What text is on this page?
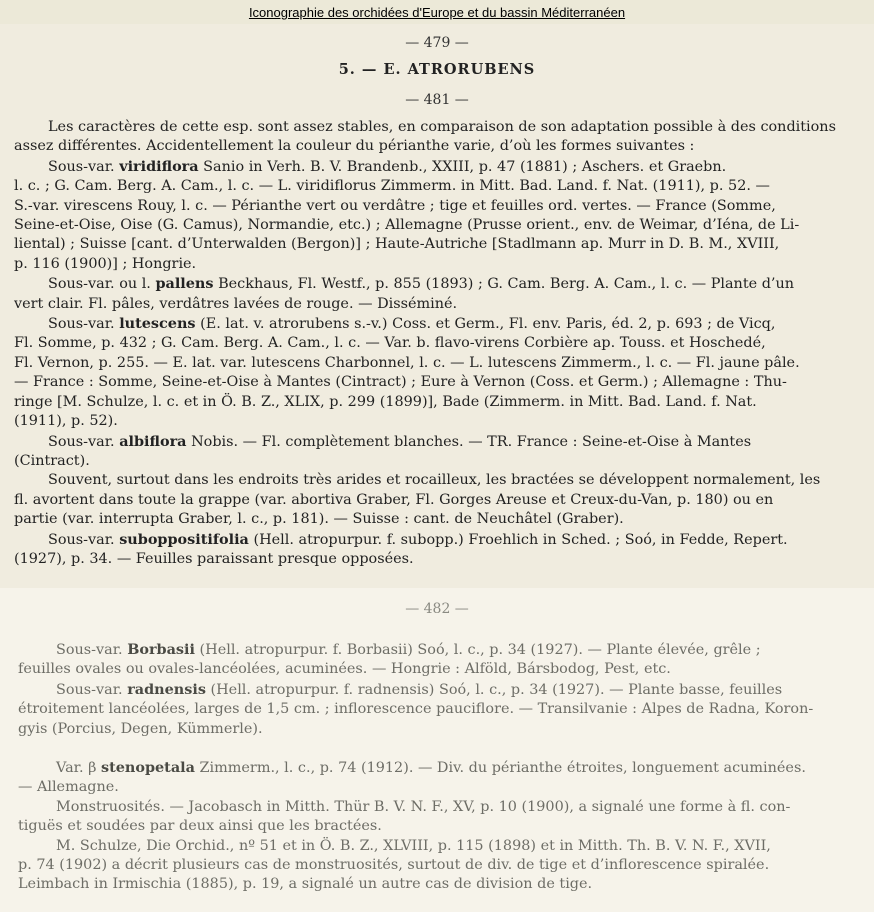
Iconographie des orchidées d'Europe et du bassin Méditerranéen
— 479 —
5. — E. ATRORUBENS
— 481 —
Les caractères de cette esp. sont assez stables, en comparaison de son adaptation possible à des conditions
assez différentes. Accidentellement la couleur du périanthe varie, d’où les formes suivantes :
Sous-var. viridiflora Sanio in Verh. B. V. Brandenb., XXIII, p. 47 (1881) ; Aschers. et Graebn.
l. c. ; G. Cam. Berg. A. Cam., l. c. — L. viridiflorus Zimmerm. in Mitt. Bad. Land. f. Nat. (1911), p. 52. —
S.-var. virescens Rouy, l. c. — Périanthe vert ou verdâtre ; tige et feuilles ord. vertes. — France (Somme,
Seine-et-Oise, Oise (G. Camus), Normandie, etc.) ; Allemagne (Prusse orient., env. de Weimar, d’Iéna, de Li-
liental) ; Suisse [cant. d’Unterwalden (Bergon)] ; Haute-Autriche [Stadlmann ap. Murr in D. B. M., XVIII,
p. 116 (1900)] ; Hongrie.
Sous-var. ou l. pallens Beckhaus, Fl. Westf., p. 855 (1893) ; G. Cam. Berg. A. Cam., l. c. — Plante d’un
vert clair. Fl. pâles, verdâtres lavées de rouge. — Disséminé.
Sous-var. lutescens (E. lat. v. atrorubens s.-v.) Coss. et Germ., Fl. env. Paris, éd. 2, p. 693 ; de Vicq,
Fl. Somme, p. 432 ; G. Cam. Berg. A. Cam., l. c. — Var. b. flavo-virens Corbière ap. Touss. et Hoschedé,
Fl. Vernon, p. 255. — E. lat. var. lutescens Charbonnel, l. c. — L. lutescens Zimmerm., l. c. — Fl. jaune pâle.
— France : Somme, Seine-et-Oise à Mantes (Cintract) ; Eure à Vernon (Coss. et Germ.) ; Allemagne : Thu-
ringe [M. Schulze, l. c. et in Ö. B. Z., XLIX, p. 299 (1899)], Bade (Zimmerm. in Mitt. Bad. Land. f. Nat.
(1911), p. 52).
Sous-var. albiflora Nobis. — Fl. complètement blanches. — TR. France : Seine-et-Oise à Mantes
(Cintract).
Souvent, surtout dans les endroits très arides et rocailleux, les bractées se développent normalement, les
fl. avortent dans toute la grappe (var. abortiva Graber, Fl. Gorges Areuse et Creux-du-Van, p. 180) ou en
partie (var. interrupta Graber, l. c., p. 181). — Suisse : cant. de Neuchâtel (Graber).
Sous-var. suboppositifolia (Hell. atropurpur. f. subopp.) Froehlich in Sched. ; Soó, in Fedde, Repert.
(1927), p. 34. — Feuilles paraissant presque opposées.
— 482 —
Sous-var. Borbasii (Hell. atropurpur. f. Borbasii) Soó, l. c., p. 34 (1927). — Plante élevée, grêle ;
feuilles ovales ou ovales-lancéolées, acuminées. — Hongrie : Alföld, Bársbodog, Pest, etc.
Sous-var. radnensis (Hell. atropurpur. f. radnensis) Soó, l. c., p. 34 (1927). — Plante basse, feuilles
étroitement lancéolées, larges de 1,5 cm. ; inflorescence pauciflore. — Transilvanie : Alpes de Radna, Koron-
gyis (Porcius, Degen, Kümmerle).
Var. β stenopetala Zimmerm., l. c., p. 74 (1912). — Div. du périanthe étroites, longuement acuminées.
— Allemagne.
Monstruosités. — Jacobasch in Mitth. Thür B. V. N. F., XV, p. 10 (1900), a signalé une forme à fl. con-
tiguës et soudées par deux ainsi que les bractées.
M. Schulze, Die Orchid., nº 51 et in Ö. B. Z., XLVIII, p. 115 (1898) et in Mitth. Th. B. V. N. F., XVII,
p. 74 (1902) a décrit plusieurs cas de monstruosités, surtout de div. de tige et d’inflorescence spiralée.
Leimbach in Irmischia (1885), p. 19, a signalé un autre cas de division de tige.
